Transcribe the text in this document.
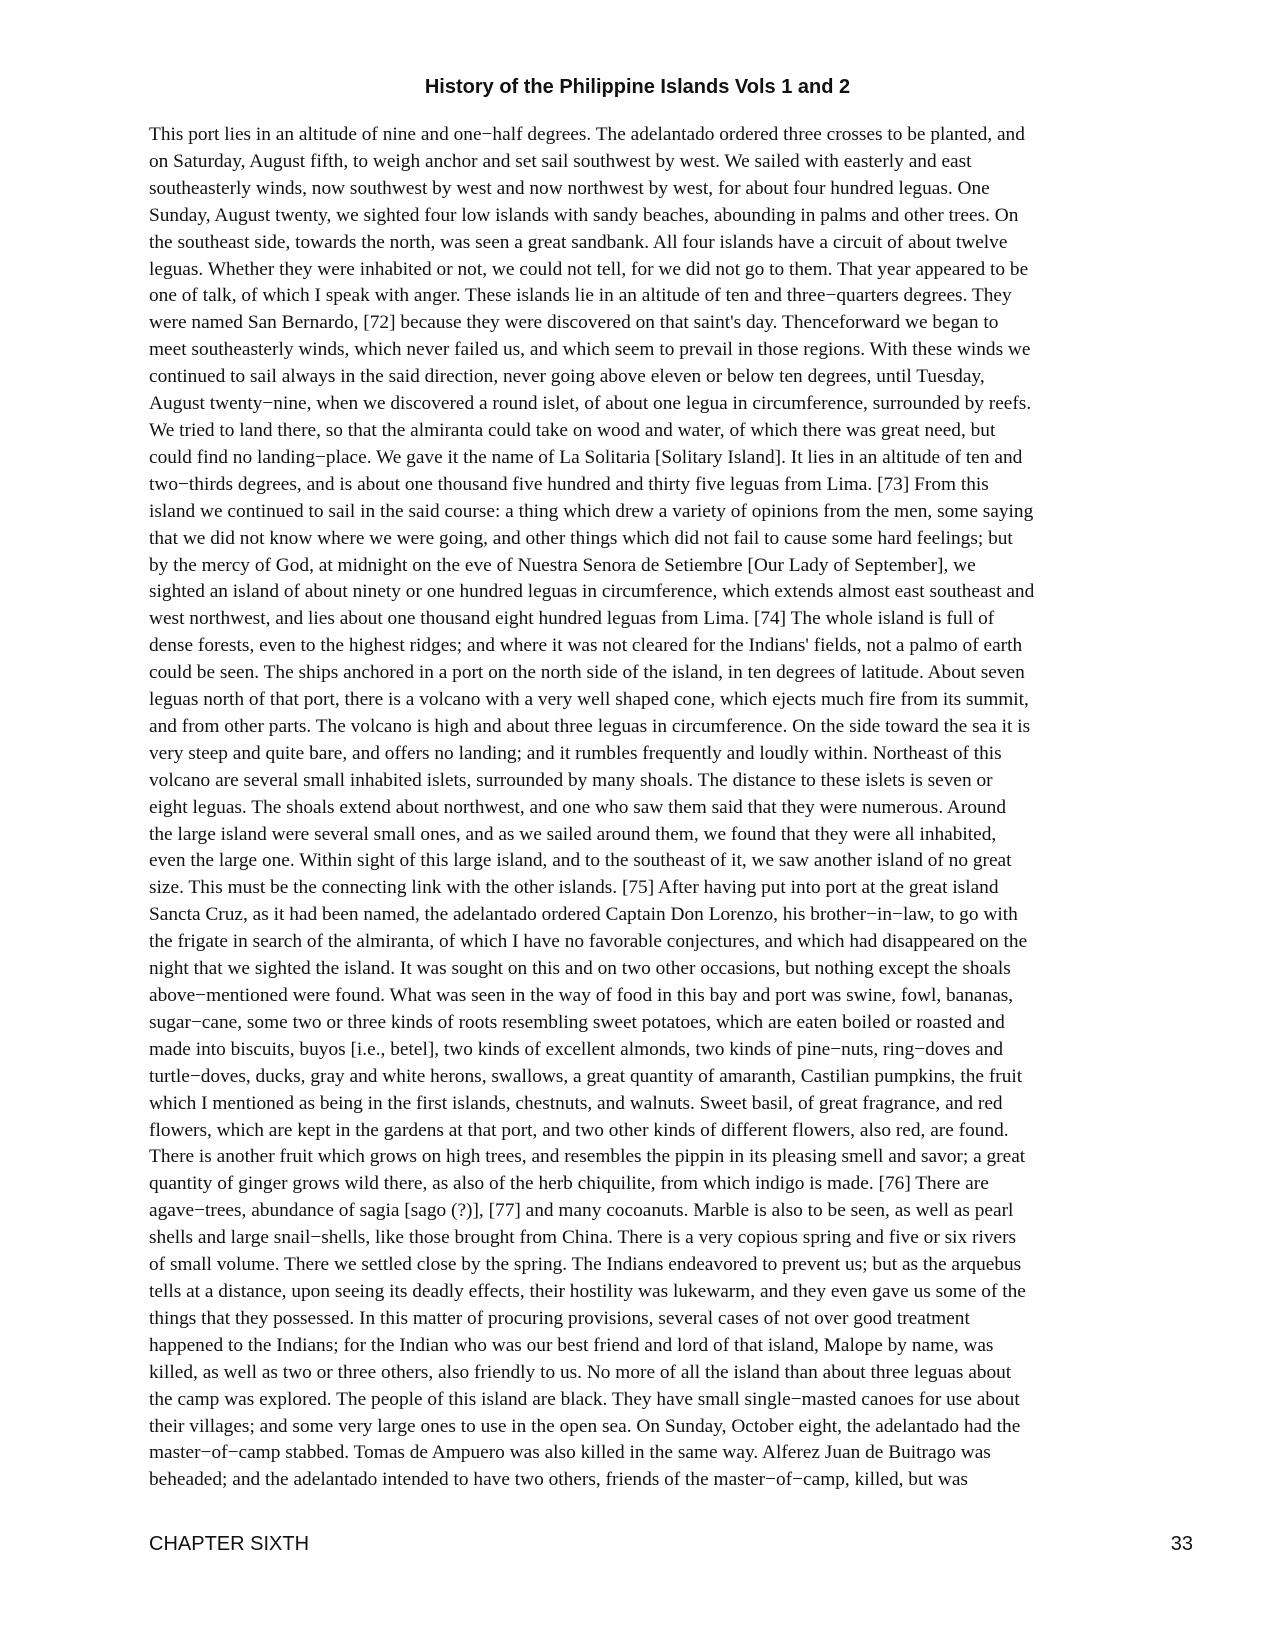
History of the Philippine Islands Vols 1 and 2
This port lies in an altitude of nine and one−half degrees. The adelantado ordered three crosses to be planted, and
on Saturday, August fifth, to weigh anchor and set sail southwest by west. We sailed with easterly and east
southeasterly winds, now southwest by west and now northwest by west, for about four hundred leguas. One
Sunday, August twenty, we sighted four low islands with sandy beaches, abounding in palms and other trees. On
the southeast side, towards the north, was seen a great sandbank. All four islands have a circuit of about twelve
leguas. Whether they were inhabited or not, we could not tell, for we did not go to them. That year appeared to be
one of talk, of which I speak with anger. These islands lie in an altitude of ten and three−quarters degrees. They
were named San Bernardo, [72] because they were discovered on that saint's day. Thenceforward we began to
meet southeasterly winds, which never failed us, and which seem to prevail in those regions. With these winds we
continued to sail always in the said direction, never going above eleven or below ten degrees, until Tuesday,
August twenty−nine, when we discovered a round islet, of about one legua in circumference, surrounded by reefs.
We tried to land there, so that the almiranta could take on wood and water, of which there was great need, but
could find no landing−place. We gave it the name of La Solitaria [Solitary Island]. It lies in an altitude of ten and
two−thirds degrees, and is about one thousand five hundred and thirty five leguas from Lima. [73] From this
island we continued to sail in the said course: a thing which drew a variety of opinions from the men, some saying
that we did not know where we were going, and other things which did not fail to cause some hard feelings; but
by the mercy of God, at midnight on the eve of Nuestra Senora de Setiembre [Our Lady of September], we
sighted an island of about ninety or one hundred leguas in circumference, which extends almost east southeast and
west northwest, and lies about one thousand eight hundred leguas from Lima. [74] The whole island is full of
dense forests, even to the highest ridges; and where it was not cleared for the Indians' fields, not a palmo of earth
could be seen. The ships anchored in a port on the north side of the island, in ten degrees of latitude. About seven
leguas north of that port, there is a volcano with a very well shaped cone, which ejects much fire from its summit,
and from other parts. The volcano is high and about three leguas in circumference. On the side toward the sea it is
very steep and quite bare, and offers no landing; and it rumbles frequently and loudly within. Northeast of this
volcano are several small inhabited islets, surrounded by many shoals. The distance to these islets is seven or
eight leguas. The shoals extend about northwest, and one who saw them said that they were numerous. Around
the large island were several small ones, and as we sailed around them, we found that they were all inhabited,
even the large one. Within sight of this large island, and to the southeast of it, we saw another island of no great
size. This must be the connecting link with the other islands. [75] After having put into port at the great island
Sancta Cruz, as it had been named, the adelantado ordered Captain Don Lorenzo, his brother−in−law, to go with
the frigate in search of the almiranta, of which I have no favorable conjectures, and which had disappeared on the
night that we sighted the island. It was sought on this and on two other occasions, but nothing except the shoals
above−mentioned were found. What was seen in the way of food in this bay and port was swine, fowl, bananas,
sugar−cane, some two or three kinds of roots resembling sweet potatoes, which are eaten boiled or roasted and
made into biscuits, buyos [i.e., betel], two kinds of excellent almonds, two kinds of pine−nuts, ring−doves and
turtle−doves, ducks, gray and white herons, swallows, a great quantity of amaranth, Castilian pumpkins, the fruit
which I mentioned as being in the first islands, chestnuts, and walnuts. Sweet basil, of great fragrance, and red
flowers, which are kept in the gardens at that port, and two other kinds of different flowers, also red, are found.
There is another fruit which grows on high trees, and resembles the pippin in its pleasing smell and savor; a great
quantity of ginger grows wild there, as also of the herb chiquilite, from which indigo is made. [76] There are
agave−trees, abundance of sagia [sago (?)], [77] and many cocoanuts. Marble is also to be seen, as well as pearl
shells and large snail−shells, like those brought from China. There is a very copious spring and five or six rivers
of small volume. There we settled close by the spring. The Indians endeavored to prevent us; but as the arquebus
tells at a distance, upon seeing its deadly effects, their hostility was lukewarm, and they even gave us some of the
things that they possessed. In this matter of procuring provisions, several cases of not over good treatment
happened to the Indians; for the Indian who was our best friend and lord of that island, Malope by name, was
killed, as well as two or three others, also friendly to us. No more of all the island than about three leguas about
the camp was explored. The people of this island are black. They have small single−masted canoes for use about
their villages; and some very large ones to use in the open sea. On Sunday, October eight, the adelantado had the
master−of−camp stabbed. Tomas de Ampuero was also killed in the same way. Alferez Juan de Buitrago was
beheaded; and the adelantado intended to have two others, friends of the master−of−camp, killed, but was
CHAPTER SIXTH	33
